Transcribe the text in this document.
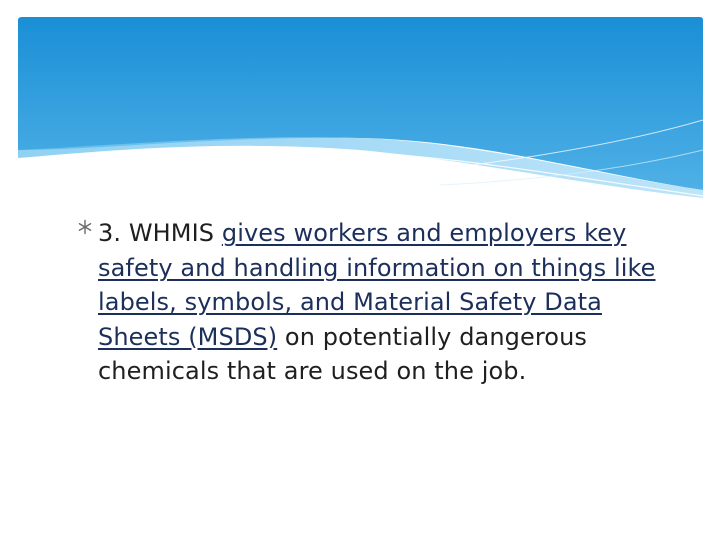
3. WHMIS gives workers and employers key safety and handling information on things like labels, symbols, and Material Safety Data Sheets (MSDS) on potentially dangerous chemicals that are used on the job.
